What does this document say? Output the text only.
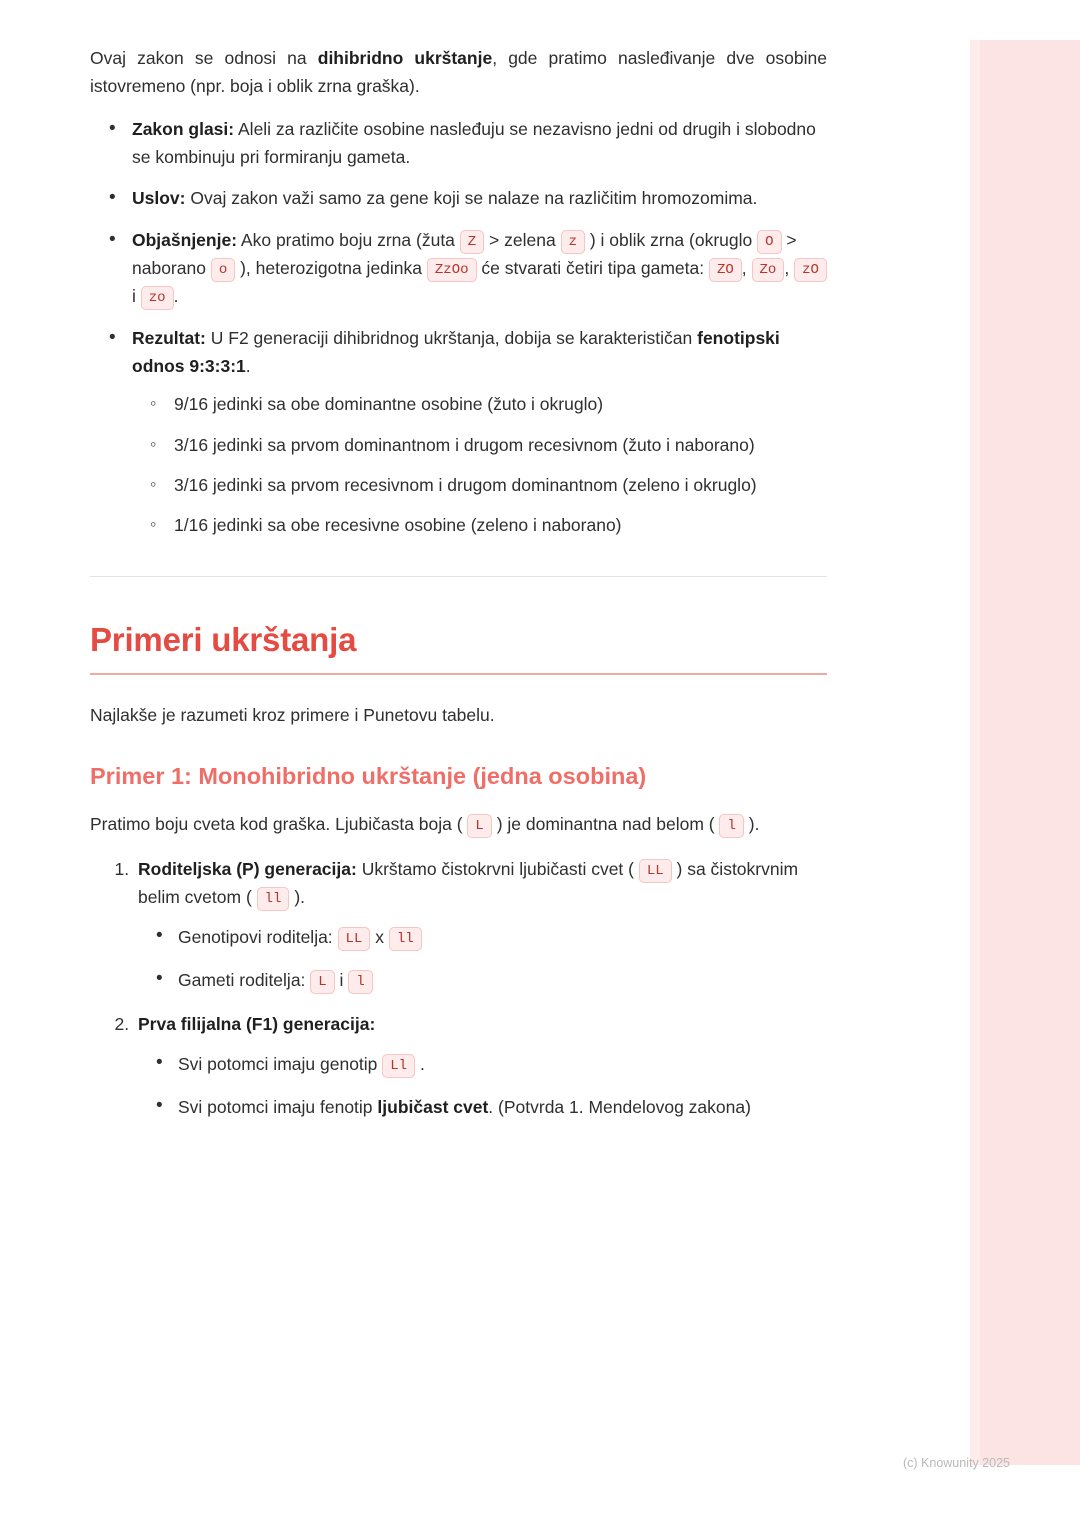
Ovaj zakon se odnosi na dihibridno ukrštanje, gde pratimo nasleđivanje dve osobine istovremeno (npr. boja i oblik zrna graška).

• Zakon glasi: Aleli za različite osobine nasleđuju se nezavisno jedni od drugih i slobodno se kombinuju pri formiranju gameta.
• Uslov: Ovaj zakon važi samo za gene koji se nalaze na različitim hromozomima.
• Objašnjenje: Ako pratimo boju zrna (žuta Z > zelena z ) i oblik zrna (okruglo O > naborano o ), heterozigotna jedinka ZzOo će stvarati četiri tipa gameta: ZO , Zo , zO i zo .
• Rezultat: U F2 generaciji dihibridnog ukrštanja, dobija se karakterističan fenotipski odnos 9:3:3:1.
◦ 9/16 jedinki sa obe dominantne osobine (žuto i okruglo)
◦ 3/16 jedinki sa prvom dominantnom i drugom recesivnom (žuto i naborano)
◦ 3/16 jedinki sa prvom recesivnom i drugom dominantnom (zeleno i okruglo)
◦ 1/16 jedinki sa obe recesivne osobine (zeleno i naborano)
Primeri ukrštanja

Najlakše je razumeti kroz primere i Punetovu tabelu.

Primer 1: Monohibridno ukrštanje (jedna osobina)

Pratimo boju cveta kod graška. Ljubičasta boja ( L ) je dominantna nad belom ( l ).

1. Roditeljska (P) generacija: Ukrštamo čistokrvni ljubičasti cvet ( LL ) sa čistokrvnim belim cvetom ( ll ).
• Genotipovi roditelja: LL x ll
• Gameti roditelja: L i l
2. Prva filijalna (F1) generacija:
• Svi potomci imaju genotip Ll .
• Svi potomci imaju fenotip ljubičast cvet. (Potvrda 1. Mendelovog zakona)
(c) Knowunity 2025
